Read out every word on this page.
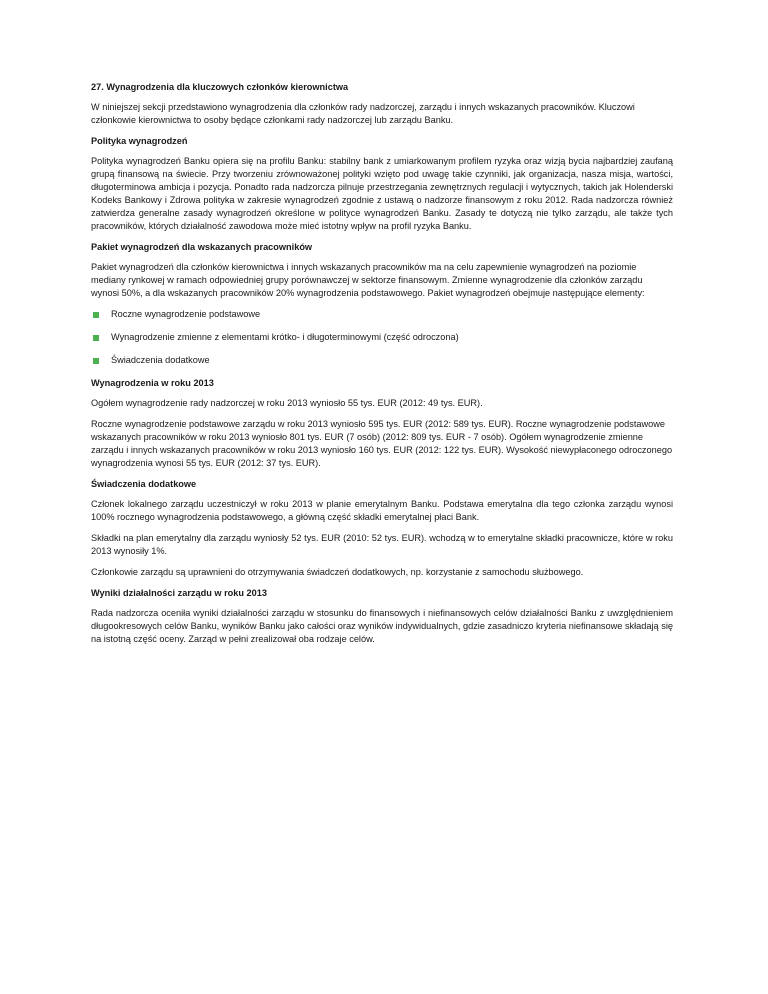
27. Wynagrodzenia dla kluczowych członków kierownictwa

W niniejszej sekcji przedstawiono wynagrodzenia dla członków rady nadzorczej, zarządu i innych wskazanych pracowników. Kluczowi członkowie kierownictwa to osoby będące członkami rady nadzorczej lub zarządu Banku.

Polityka wynagrodzeń

Polityka wynagrodzeń Banku opiera się na profilu Banku: stabilny bank z umiarkowanym profilem ryzyka oraz wizją bycia najbardziej zaufaną grupą finansową na świecie. Przy tworzeniu zrównoważonej polityki wzięto pod uwagę takie czynniki, jak organizacja, nasza misja, wartości, długoterminowa ambicja i pozycja. Ponadto rada nadzorcza pilnuje przestrzegania zewnętrznych regulacji i wytycznych, takich jak Holenderski Kodeks Bankowy i Zdrowa polityka w zakresie wynagrodzeń zgodnie z ustawą o nadzorze finansowym z roku 2012. Rada nadzorcza również zatwierdza generalne zasady wynagrodzeń określone w polityce wynagrodzeń Banku. Zasady te dotyczą nie tylko zarządu, ale także tych pracowników, których działalność zawodowa może mieć istotny wpływ na profil ryzyka Banku.

Pakiet wynagrodzeń dla wskazanych pracowników

Pakiet wynagrodzeń dla członków kierownictwa i innych wskazanych pracowników ma na celu zapewnienie wynagrodzeń na poziomie mediany rynkowej w ramach odpowiedniej grupy porównawczej w sektorze finansowym. Zmienne wynagrodzenie dla członków zarządu wynosi 50%, a dla wskazanych pracowników 20% wynagrodzenia podstawowego. Pakiet wynagrodzeń obejmuje następujące elementy:

Roczne wynagrodzenie podstawowe
Wynagrodzenie zmienne z elementami krótko- i długoterminowymi (część odroczona)
Świadczenia dodatkowe
Wynagrodzenia w roku 2013

Ogółem wynagrodzenie rady nadzorczej w roku 2013 wyniosło 55 tys. EUR (2012: 49 tys. EUR).

Roczne wynagrodzenie podstawowe zarządu w roku 2013 wyniosło 595 tys. EUR (2012: 589 tys. EUR). Roczne wynagrodzenie podstawowe wskazanych pracowników w roku 2013 wyniosło 801 tys. EUR (7 osób) (2012: 809 tys. EUR - 7 osób). Ogółem wynagrodzenie zmienne zarządu i innych wskazanych pracowników w roku 2013 wyniosło 160 tys. EUR (2012: 122 tys. EUR). Wysokość niewypłaconego odroczonego wynagrodzenia wynosi 55 tys. EUR (2012: 37 tys. EUR).

Świadczenia dodatkowe

Członek lokalnego zarządu uczestniczył w roku 2013 w planie emerytalnym Banku. Podstawa emerytalna dla tego członka zarządu wynosi 100% rocznego wynagrodzenia podstawowego, a główną część składki emerytalnej płaci Bank.

Składki na plan emerytalny dla zarządu wyniosły 52 tys. EUR (2010: 52 tys. EUR). wchodzą w to emerytalne składki pracownicze, które w roku 2013 wynosiły 1%.

Członkowie zarządu są uprawnieni do otrzymywania świadczeń dodatkowych, np. korzystanie z samochodu służbowego.

Wyniki działalności zarządu w roku 2013

Rada nadzorcza oceniła wyniki działalności zarządu w stosunku do finansowych i niefinansowych celów działalności Banku z uwzględnieniem długookresowych celów Banku, wyników Banku jako całości oraz wyników indywidualnych, gdzie zasadniczo kryteria niefinansowe składają się na istotną część oceny. Zarząd w pełni zrealizował oba rodzaje celów.
